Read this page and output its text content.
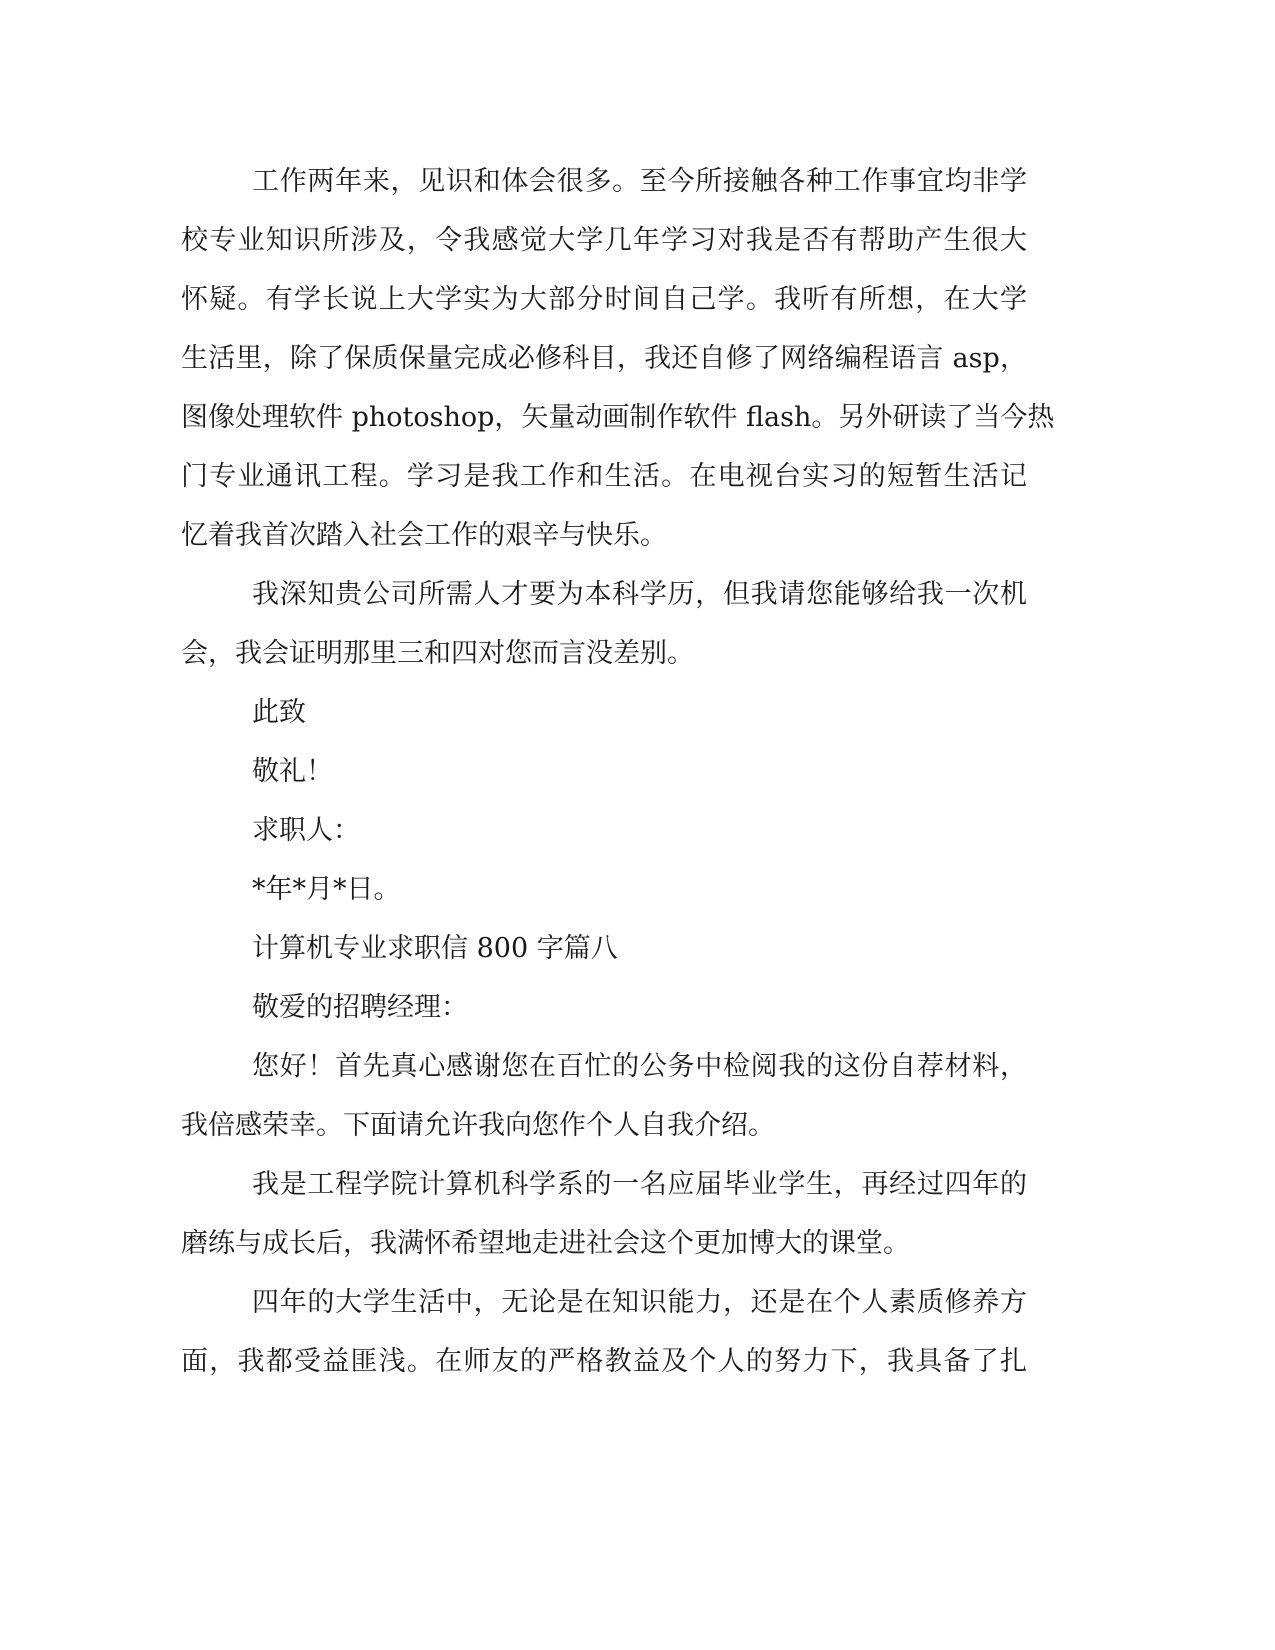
工作两年来，见识和体会很多。至今所接触各种工作事宜均非学
校专业知识所涉及，令我感觉大学几年学习对我是否有帮助产生很大
怀疑。有学长说上大学实为大部分时间自己学。我听有所想，在大学
生活里，除了保质保量完成必修科目，我还自修了网络编程语言 asp，
图像处理软件 photoshop，矢量动画制作软件 flash。另外研读了当今热
门专业通讯工程。学习是我工作和生活。在电视台实习的短暂生活记
忆着我首次踏入社会工作的艰辛与快乐。
我深知贵公司所需人才要为本科学历，但我请您能够给我一次机
会，我会证明那里三和四对您而言没差别。
此致
敬礼！
求职人：
*年*月*日。
计算机专业求职信 800 字篇八
敬爱的招聘经理：
您好！首先真心感谢您在百忙的公务中检阅我的这份自荐材料，
我倍感荣幸。下面请允许我向您作个人自我介绍。
我是工程学院计算机科学系的一名应届毕业学生，再经过四年的
磨练与成长后，我满怀希望地走进社会这个更加博大的课堂。
四年的大学生活中，无论是在知识能力，还是在个人素质修养方
面，我都受益匪浅。在师友的严格教益及个人的努力下，我具备了扎
